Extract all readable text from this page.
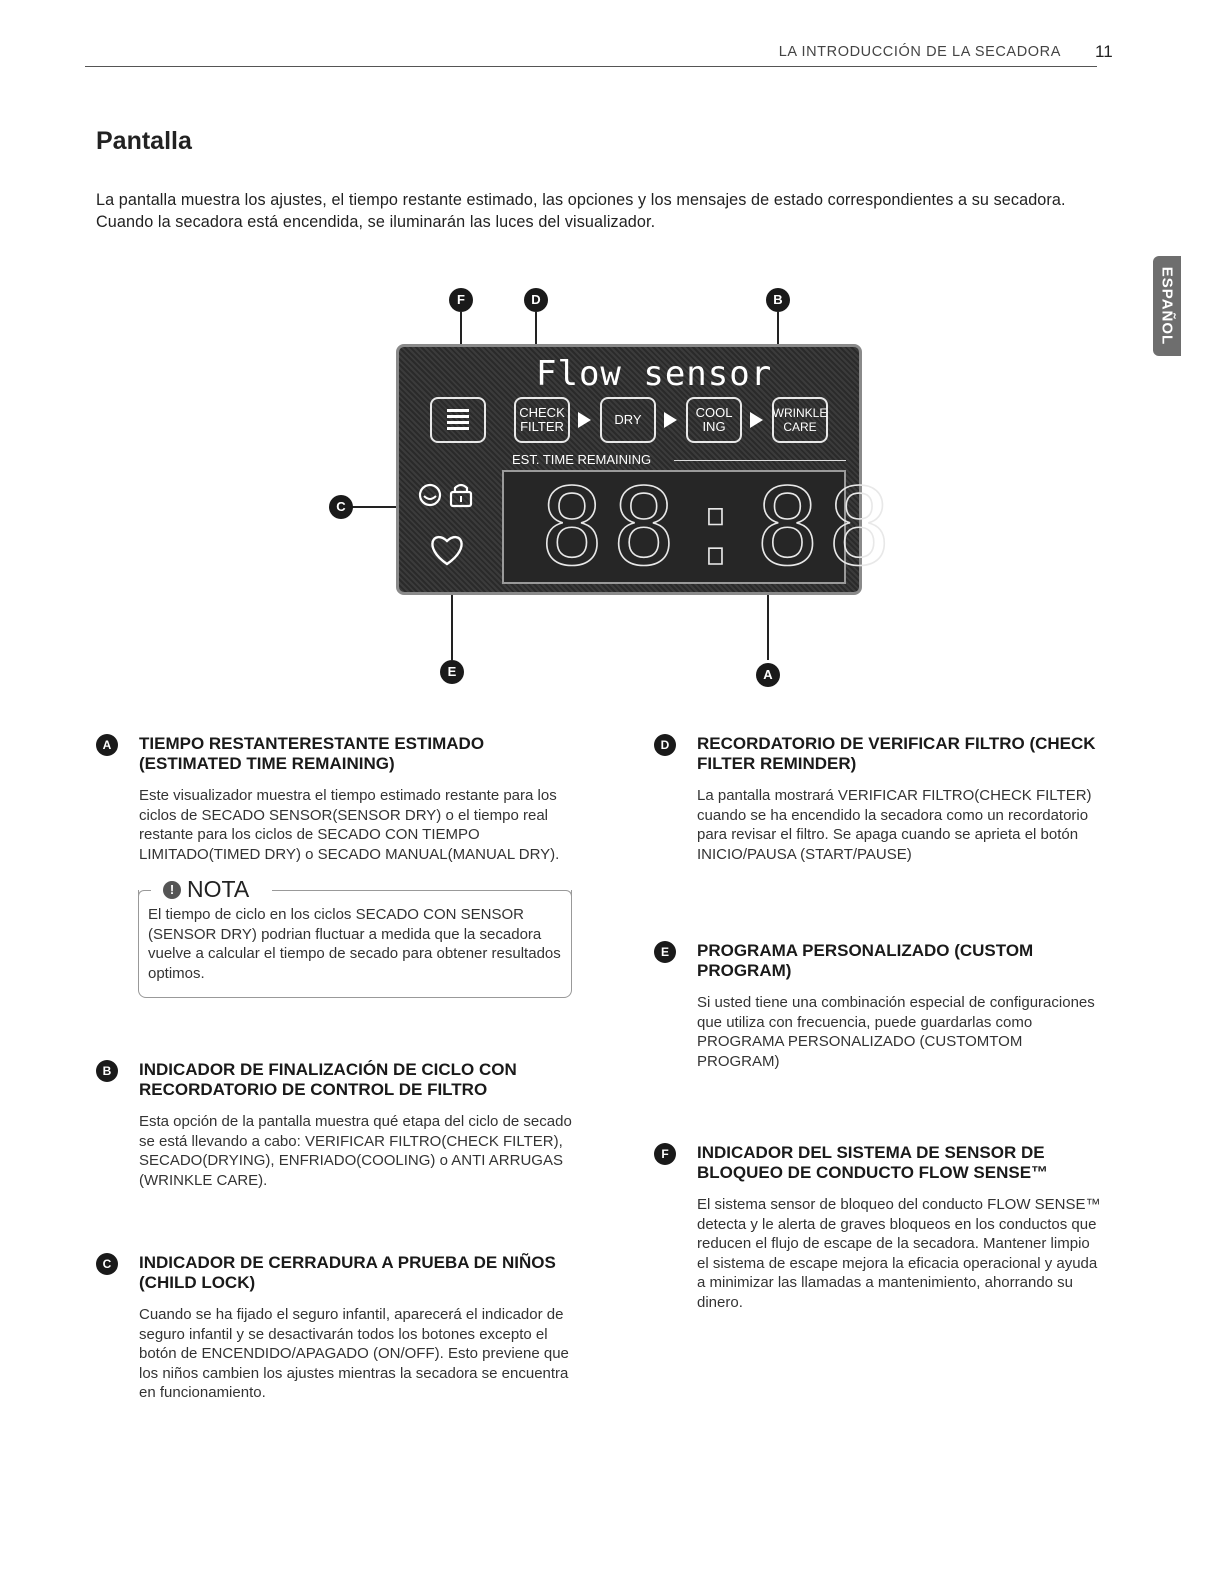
LA INTRODUCCIÓN DE LA SECADORA 11
ESPAÑOL
Pantalla

La pantalla muestra los ajustes, el tiempo restante estimado, las opciones y los mensajes de estado correspondientes a su secadora. Cuando la secadora está encendida, se iluminarán las luces del visualizador.

Flow sensor
CHECK FILTER	DRY	COOL ING
WRINKLE CARE
EST. TIME REMAINING
88:88
F	D	B
C
E	A
A	TIEMPO RESTANTERESTANTE ESTIMADO (ESTIMATED TIME REMAINING)

Este visualizador muestra el tiempo estimado restante para los ciclos de SECADO SENSOR(SENSOR DRY) o el tiempo real restante para los ciclos de SECADO CON TIEMPO LIMITADO(TIMED DRY) o SECADO MANUAL(MANUAL DRY).

! NOTA

El tiempo de ciclo en los ciclos SECADO CON SENSOR (SENSOR DRY) podrian fluctuar a medida que la secadora vuelve a calcular el tiempo de secado para obtener resultados optimos.

B	INDICADOR DE FINALIZACIÓN DE CICLO CON RECORDATORIO DE CONTROL DE FILTRO

Esta opción de la pantalla muestra qué etapa del ciclo de secado se está llevando a cabo: VERIFICAR FILTRO(CHECK FILTER), SECADO(DRYING), ENFRIADO(COOLING) o ANTI ARRUGAS (WRINKLE CARE).

C	INDICADOR DE CERRADURA A PRUEBA DE NIÑOS (CHILD LOCK)

Cuando se ha fijado el seguro infantil, aparecerá el indicador de seguro infantil y se desactivarán todos los botones excepto el botón de ENCENDIDO/APAGADO (ON/OFF). Esto previene que los niños cambien los ajustes mientras la secadora se encuentra en funcionamiento.

D	RECORDATORIO DE VERIFICAR FILTRO (CHECK FILTER REMINDER)

La pantalla mostrará VERIFICAR FILTRO(CHECK FILTER) cuando se ha encendido la secadora como un recordatorio para revisar el filtro. Se apaga cuando se aprieta el botón INICIO/PAUSA (START/PAUSE)

E	PROGRAMA PERSONALIZADO (CUSTOM PROGRAM)

Si usted tiene una combinación especial de configuraciones que utiliza con frecuencia, puede guardarlas como PROGRAMA PERSONALIZADO (CUSTOMTOM PROGRAM)

F	INDICADOR DEL SISTEMA DE SENSOR DE BLOQUEO DE CONDUCTO FLOW SENSE™

El sistema sensor de bloqueo del conducto FLOW SENSE™ detecta y le alerta de graves bloqueos en los conductos que reducen el flujo de escape de la secadora. Mantener limpio el sistema de escape mejora la eficacia operacional y ayuda a minimizar las llamadas a mantenimiento, ahorrando su dinero.
